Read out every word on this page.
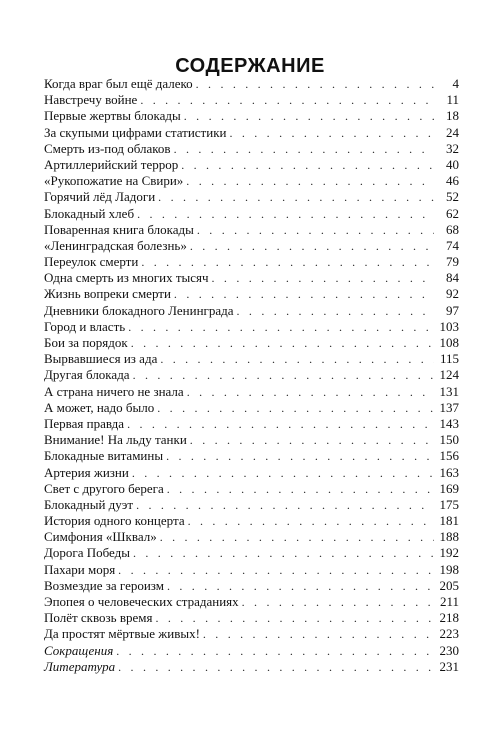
СОДЕРЖАНИЕ
Когда враг был ещё далеко . . .	4
Навстречу войне . . .	11
Первые жертвы блокады . . .	18
За скупыми цифрами статистики . . .	24
Смерть из-под облаков . . .	32
Артиллерийский террор . . .	40
«Рукопожатие на Свири» . . .	46
Горячий лёд Ладоги . . .	52
Блокадный хлеб . . .	62
Поваренная книга блокады . . .	68
«Ленинградская болезнь» . . .	74
Переулок смерти . . .	79
Одна смерть из многих тысяч . . .	84
Жизнь вопреки смерти . . .	92
Дневники блокадного Ленинграда . . .	97
Город и власть . . .	103
Бои за порядок . . .	108
Вырвавшиеся из ада . . .	115
Другая блокада . . .	124
А страна ничего не знала . . .	131
А может, надо было . . .	137
Первая правда . . .	143
Внимание! На льду танки . . .	150
Блокадные витамины . . .	156
Артерия жизни . . .	163
Свет с другого берега . . .	169
Блокадный дуэт . . .	175
История одного концерта . . .	181
Симфония «Шквал» . . .	188
Дорога Победы . . .	192
Пахари моря . . .	198
Возмездие за героизм . . .	205
Эпопея о человеческих страданиях . . .	211
Полёт сквозь время . . .	218
Да простят мёртвые живых! . . .	223
Сокращения . . .	230
Литература . . .	231
